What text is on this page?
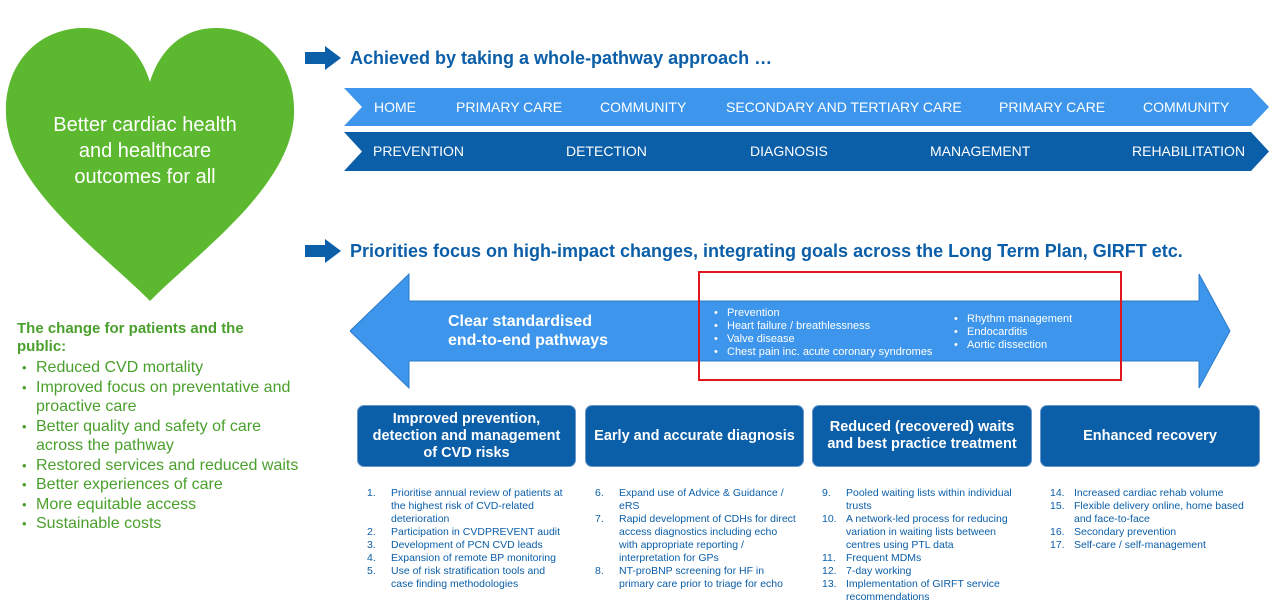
Better cardiac health
and healthcare
outcomes for all
The change for patients and the public:
• Reduced CVD mortality
• Improved focus on preventative and proactive care
• Better quality and safety of care across the pathway
• Restored services and reduced waits
• Better experiences of care
• More equitable access
• Sustainable costs
Achieved by taking a whole-pathway approach …
HOME	PRIMARY CARE	COMMUNITY	SECONDARY AND TERTIARY CARE	PRIMARY CARE	COMMUNITY
PREVENTION	DETECTION	DIAGNOSIS	MANAGEMENT	REHABILITATION
Priorities focus on high-impact changes, integrating goals across the Long Term Plan, GIRFT etc.
Clear standardised
end-to-end pathways
• Prevention
• Heart failure / breathlessness
• Valve disease
• Chest pain inc. acute coronary syndromes
• Rhythm management
• Endocarditis
• Aortic dissection
Improved prevention, detection and management of CVD risks
Early and accurate diagnosis
Reduced (recovered) waits and best practice treatment
Enhanced recovery
1.	Prioritise annual review of patients at the highest risk of CVD-related deterioration
2.	Participation in CVDPREVENT audit
3.	Development of PCN CVD leads
4.	Expansion of remote BP monitoring
5.	Use of risk stratification tools and case finding methodologies
6.	Expand use of Advice & Guidance / eRS
7.	Rapid development of CDHs for direct access diagnostics including echo with appropriate reporting / interpretation for GPs
8.	NT-proBNP screening for HF in primary care prior to triage for echo
9.	Pooled waiting lists within individual trusts
10. A network-led process for reducing variation in waiting lists between centres using PTL data
11. Frequent MDMs
12. 7-day working
13. Implementation of GIRFT service recommendations
14. Increased cardiac rehab volume
15. Flexible delivery online, home based and face-to-face
16. Secondary prevention
17. Self-care / self-management
